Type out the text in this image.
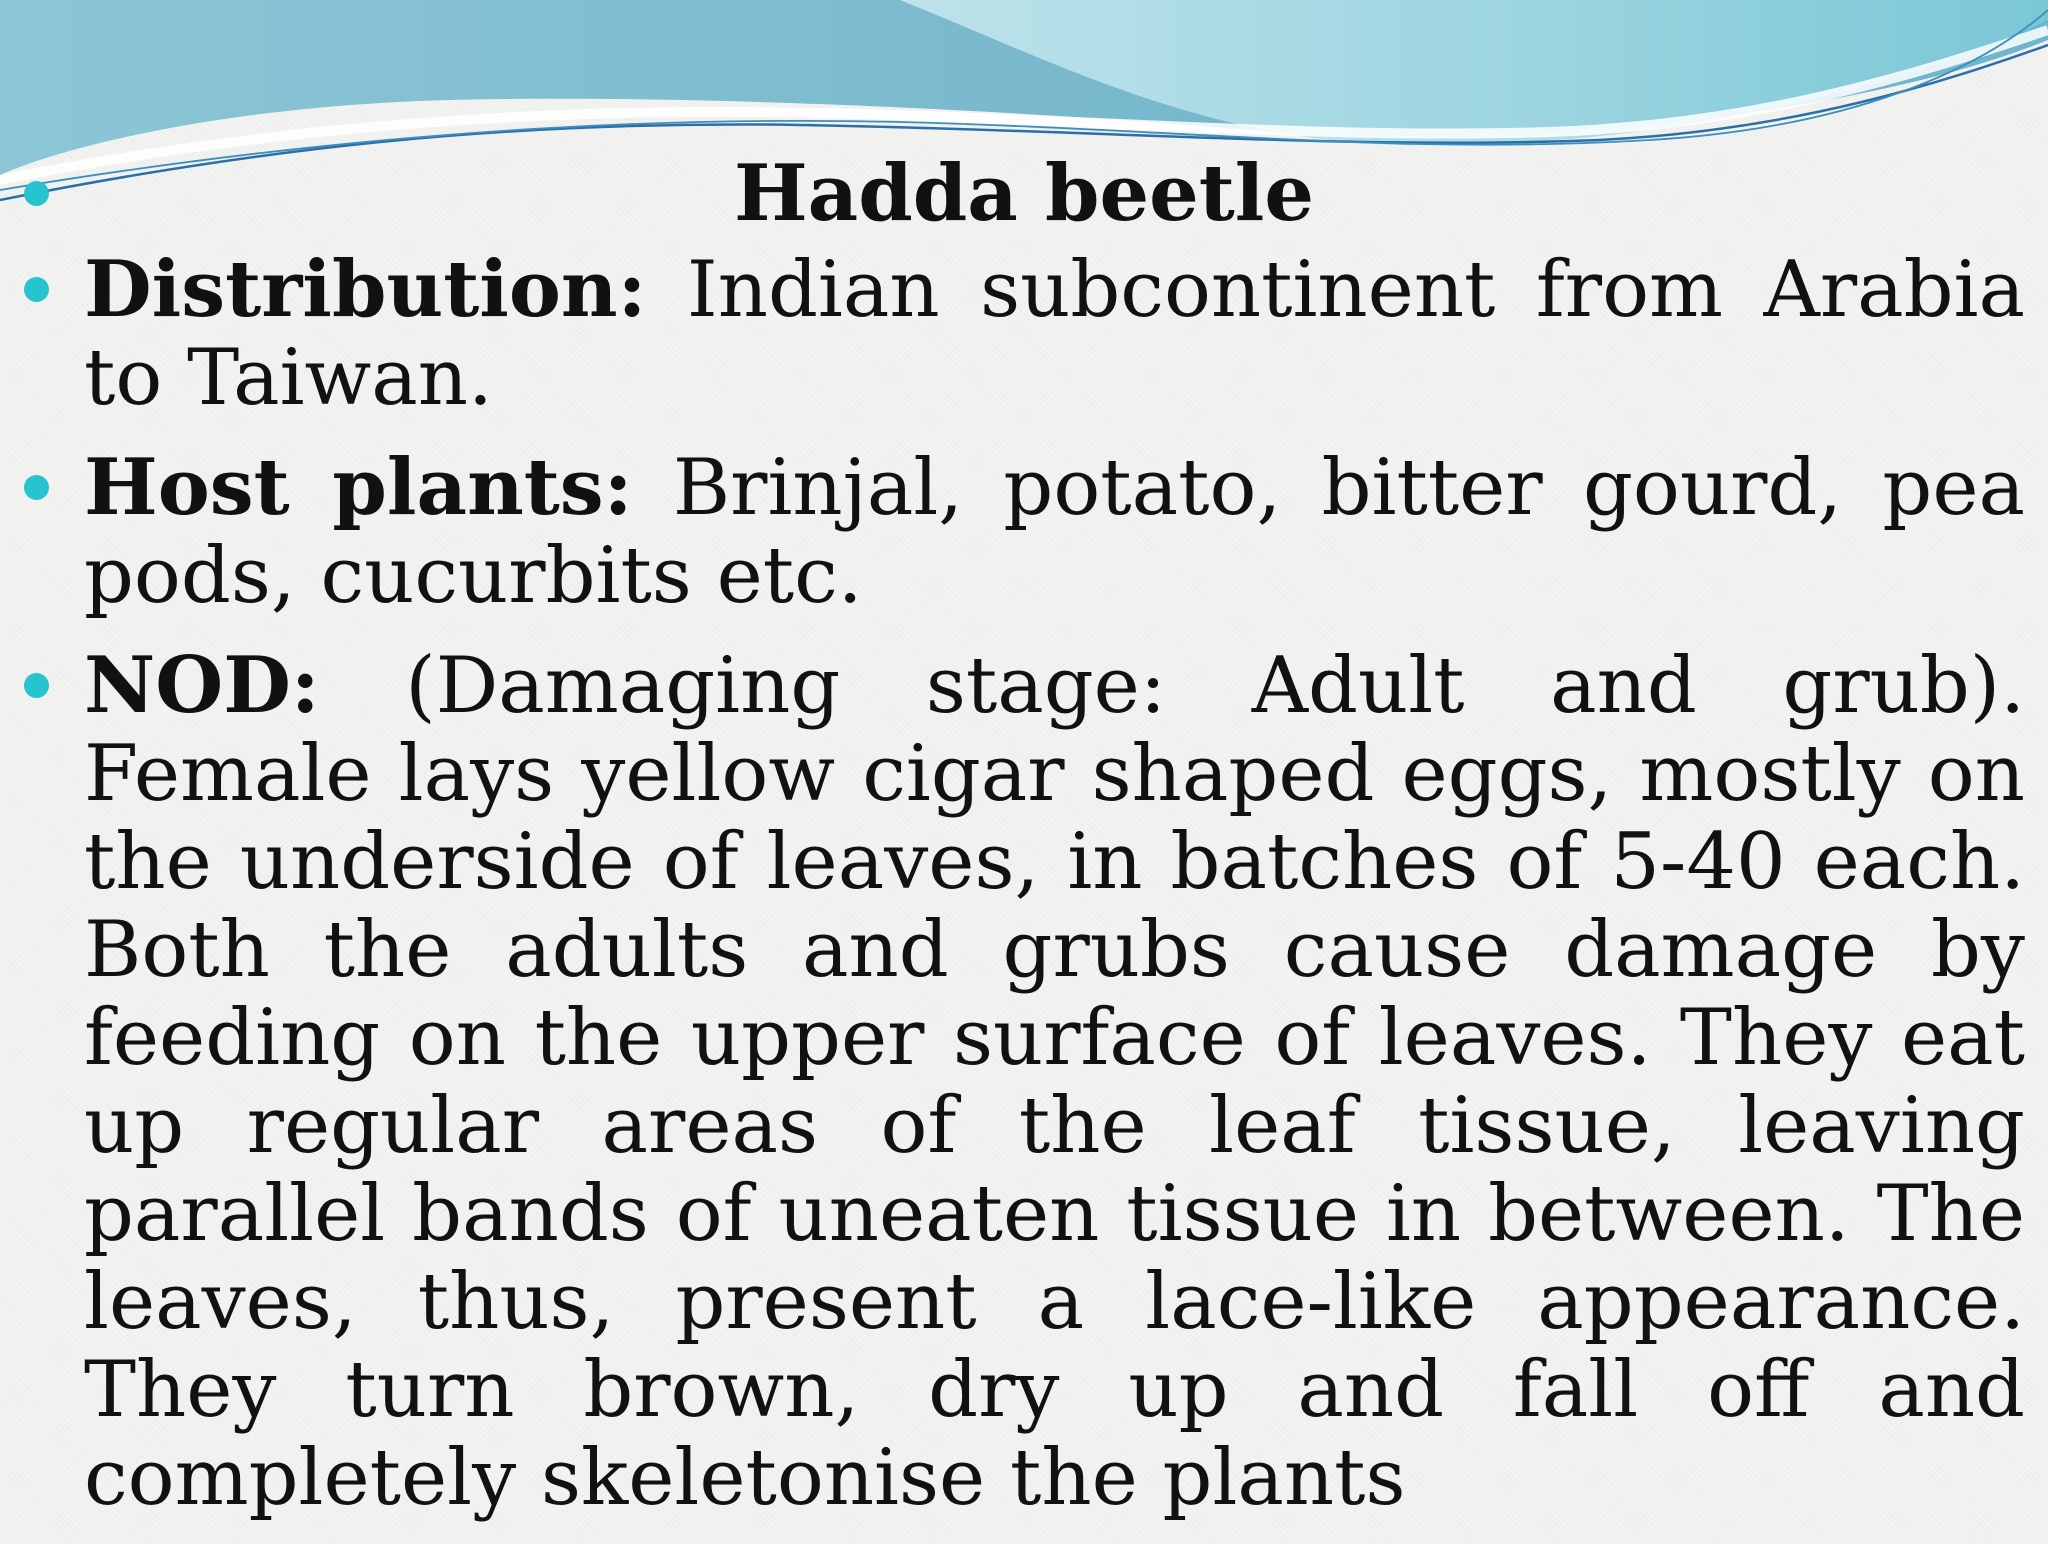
Hadda beetle
Distribution: Indian subcontinent from Arabia to Taiwan.
Host plants: Brinjal, potato, bitter gourd, pea pods, cucurbits etc.
NOD: (Damaging stage: Adult and grub). Female lays yellow cigar shaped eggs, mostly on the underside of leaves, in batches of 5-40 each. Both the adults and grubs cause damage by feeding on the upper surface of leaves. They eat up regular areas of the leaf tissue, leaving parallel bands of uneaten tissue in between. The leaves, thus, present a lace-like appearance. They turn brown, dry up and fall off and completely skeletonise the plants
